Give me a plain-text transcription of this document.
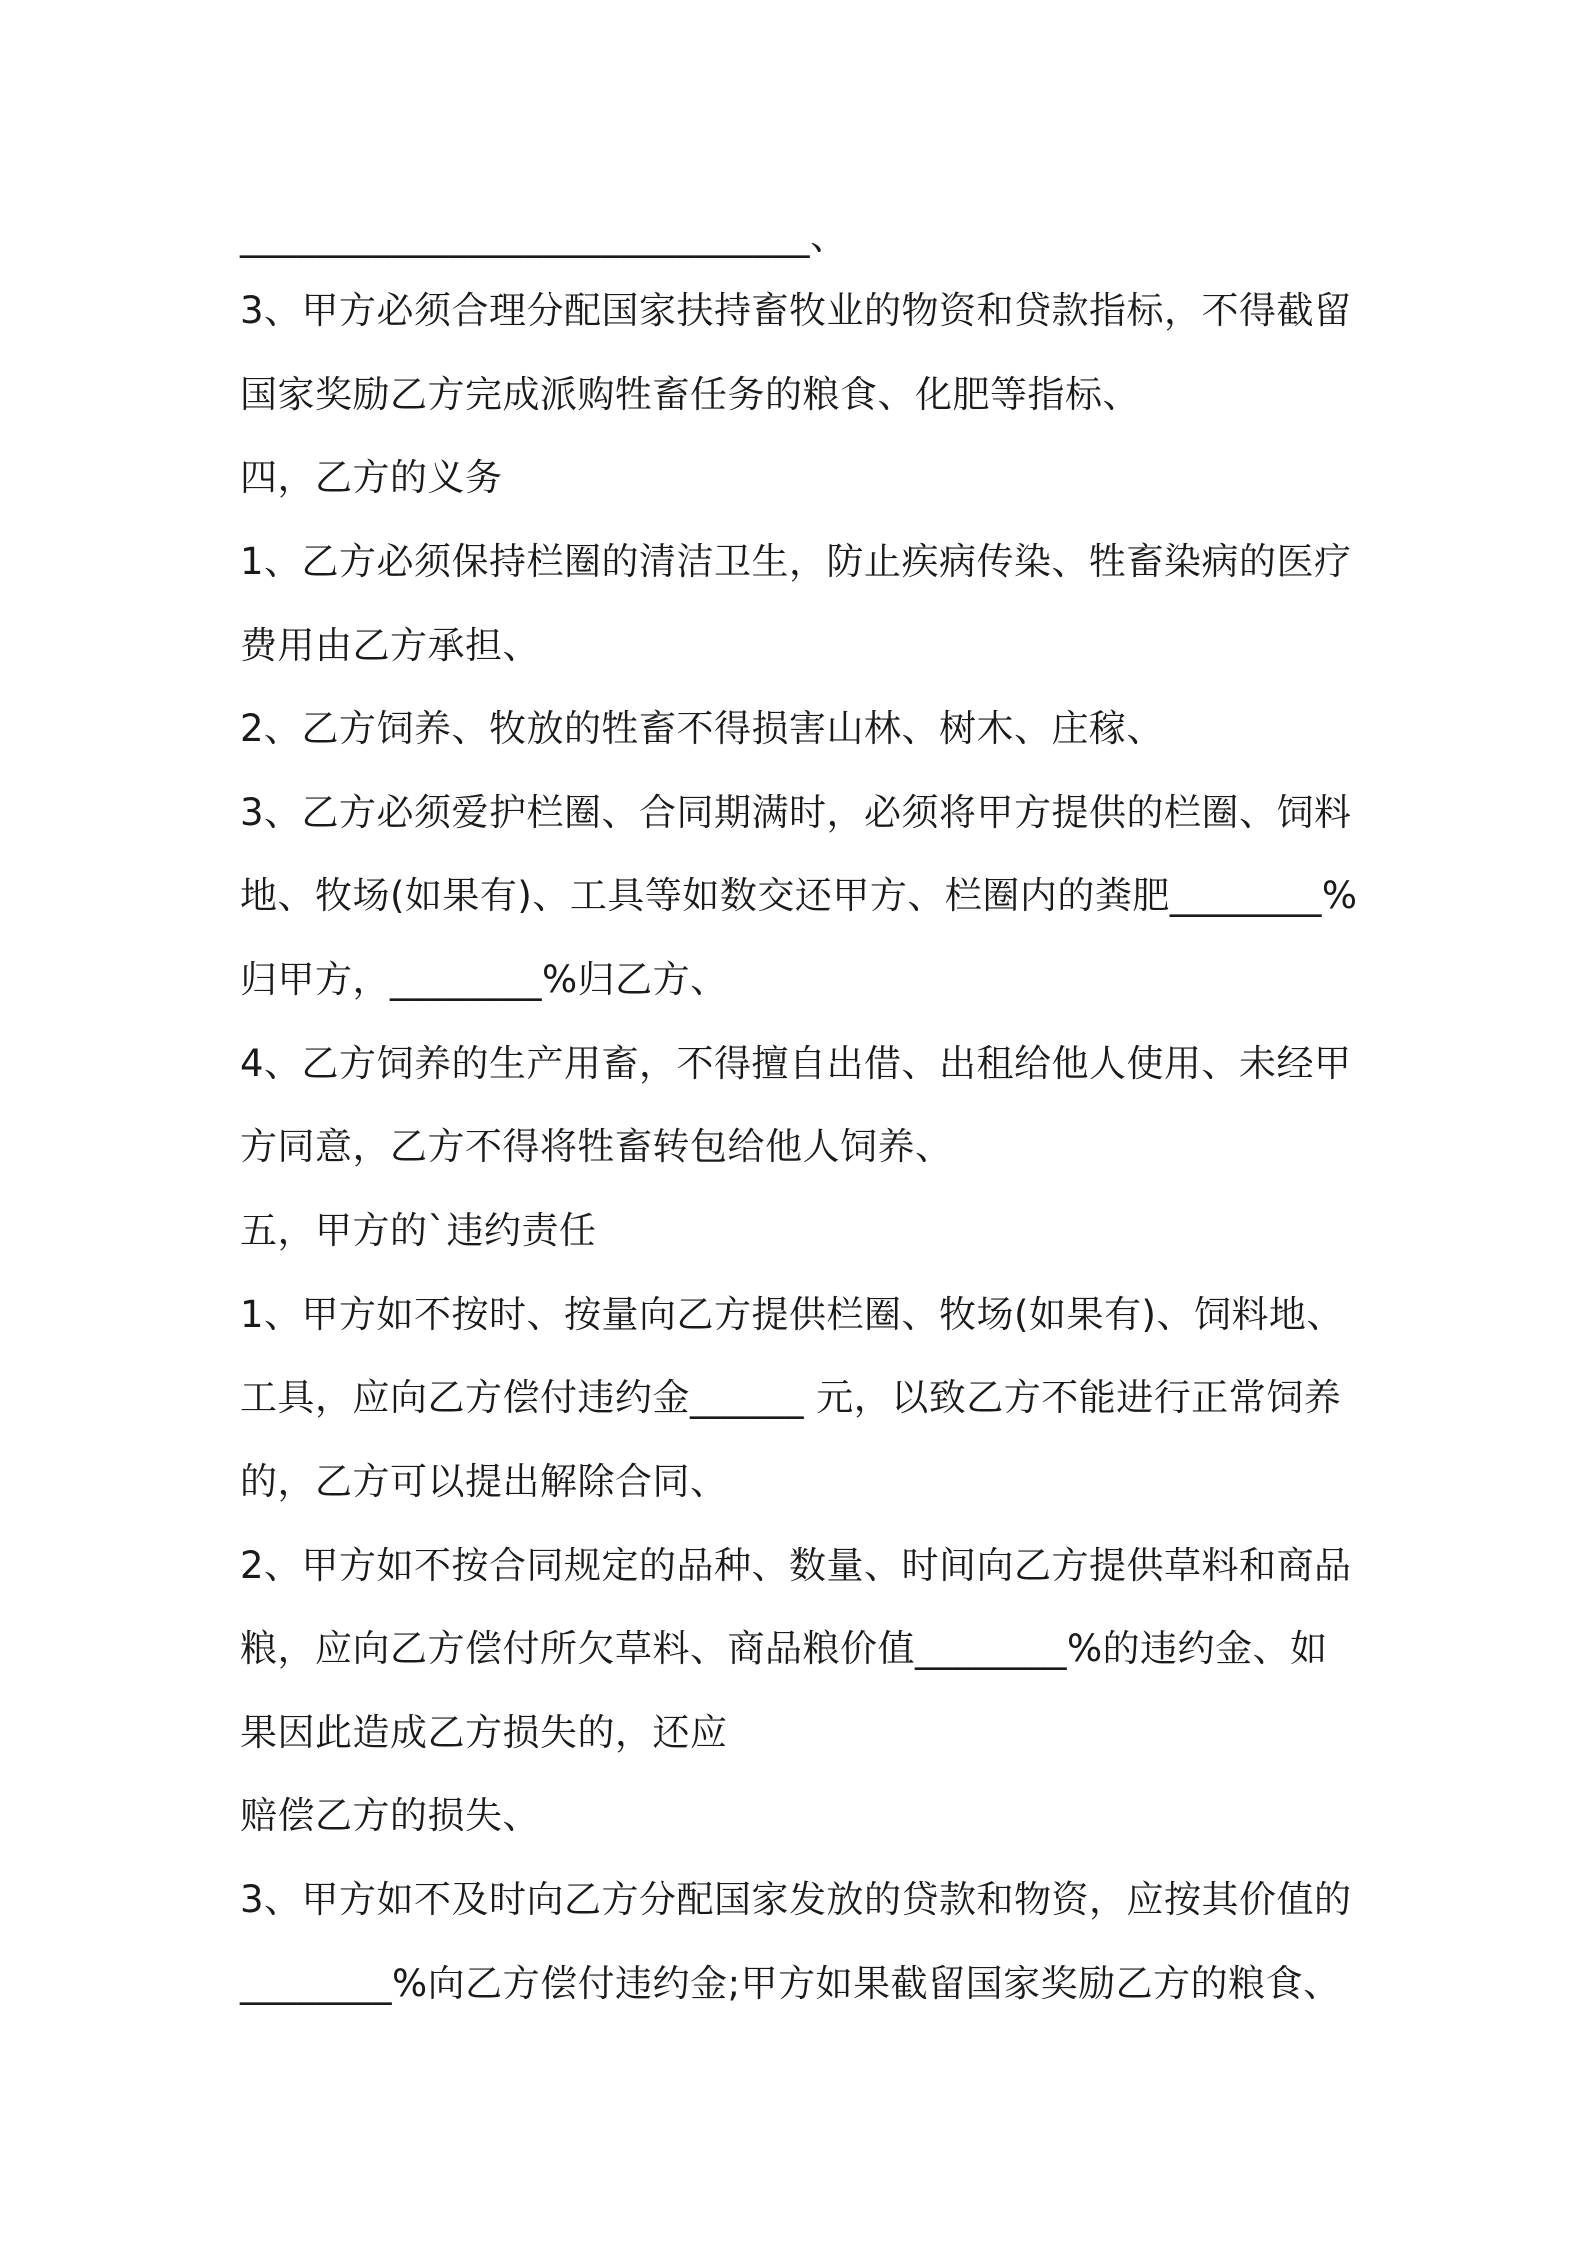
______________________________、
3、甲方必须合理分配国家扶持畜牧业的物资和贷款指标，不得截留
国家奖励乙方完成派购牲畜任务的粮食、化肥等指标、
四，乙方的义务
1、乙方必须保持栏圈的清洁卫生，防止疾病传染、牲畜染病的医疗
费用由乙方承担、
2、乙方饲养、牧放的牲畜不得损害山林、树木、庄稼、
3、乙方必须爱护栏圈、合同期满时，必须将甲方提供的栏圈、饲料
地、牧场(如果有)、工具等如数交还甲方、栏圈内的粪肥________%
归甲方，________%归乙方、
4、乙方饲养的生产用畜，不得擅自出借、出租给他人使用、未经甲
方同意，乙方不得将牲畜转包给他人饲养、
五，甲方的`违约责任
1、甲方如不按时、按量向乙方提供栏圈、牧场(如果有)、饲料地、
工具，应向乙方偿付违约金______ 元，以致乙方不能进行正常饲养
的，乙方可以提出解除合同、
2、甲方如不按合同规定的品种、数量、时间向乙方提供草料和商品
粮，应向乙方偿付所欠草料、商品粮价值________%的违约金、如
果因此造成乙方损失的，还应
赔偿乙方的损失、
3、甲方如不及时向乙方分配国家发放的贷款和物资，应按其价值的
________%向乙方偿付违约金;甲方如果截留国家奖励乙方的粮食、
